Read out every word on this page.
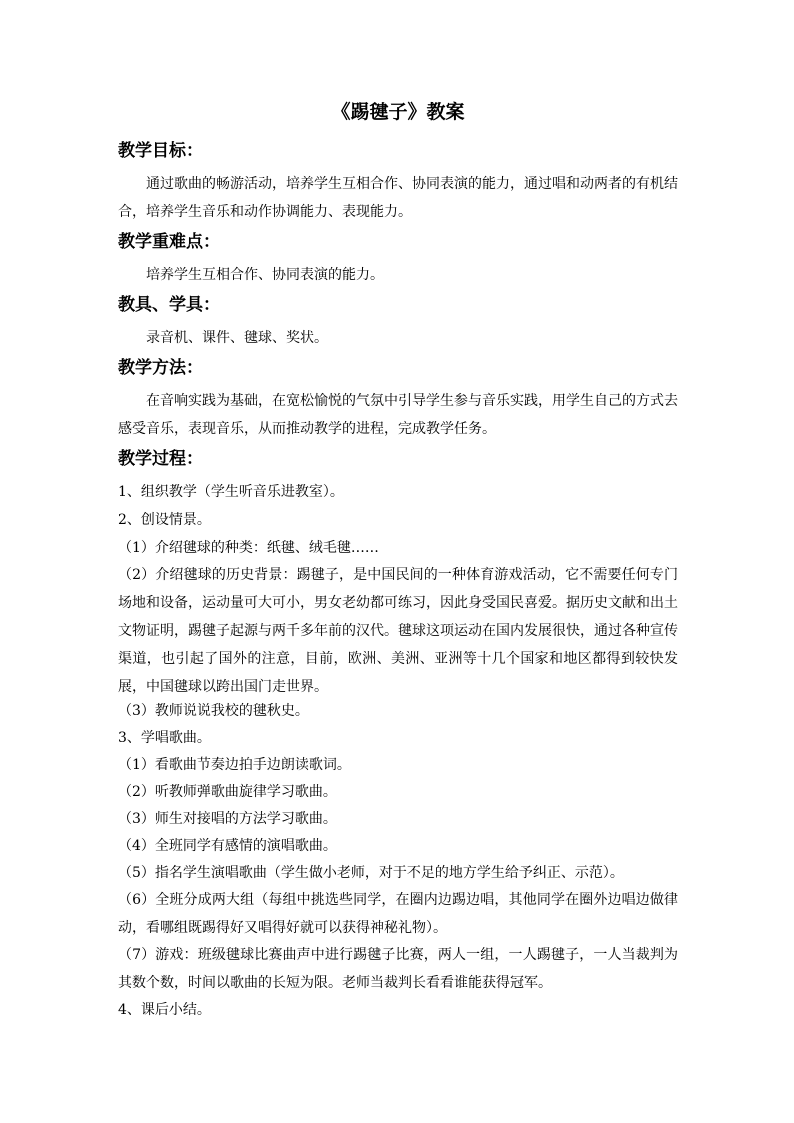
《踢毽子》教案
教学目标：
通过歌曲的畅游活动，培养学生互相合作、协同表演的能力，通过唱和动两者的有机结合，培养学生音乐和动作协调能力、表现能力。
教学重难点：
培养学生互相合作、协同表演的能力。
教具、学具：
录音机、课件、毽球、奖状。
教学方法：
在音响实践为基础，在宽松愉悦的气氛中引导学生参与音乐实践，用学生自己的方式去感受音乐，表现音乐，从而推动教学的进程，完成教学任务。
教学过程：
1、组织教学（学生听音乐进教室）。
2、创设情景。
（1）介绍毽球的种类：纸毽、绒毛毽……
（2）介绍毽球的历史背景：踢毽子，是中国民间的一种体育游戏活动，它不需要任何专门场地和设备，运动量可大可小，男女老幼都可练习，因此身受国民喜爱。据历史文献和出土文物证明，踢毽子起源与两千多年前的汉代。毽球这项运动在国内发展很快，通过各种宣传渠道，也引起了国外的注意，目前，欧洲、美洲、亚洲等十几个国家和地区都得到较快发展，中国毽球以跨出国门走世界。
（3）教师说说我校的毽秋史。
3、学唱歌曲。
（1）看歌曲节奏边拍手边朗读歌词。
（2）听教师弹歌曲旋律学习歌曲。
（3）师生对接唱的方法学习歌曲。
（4）全班同学有感情的演唱歌曲。
（5）指名学生演唱歌曲（学生做小老师，对于不足的地方学生给予纠正、示范）。
（6）全班分成两大组（每组中挑选些同学，在圈内边踢边唱，其他同学在圈外边唱边做律动，看哪组既踢得好又唱得好就可以获得神秘礼物）。
（7）游戏：班级毽球比赛曲声中进行踢毽子比赛，两人一组，一人踢毽子，一人当裁判为其数个数，时间以歌曲的长短为限。老师当裁判长看看谁能获得冠军。
4、课后小结。
